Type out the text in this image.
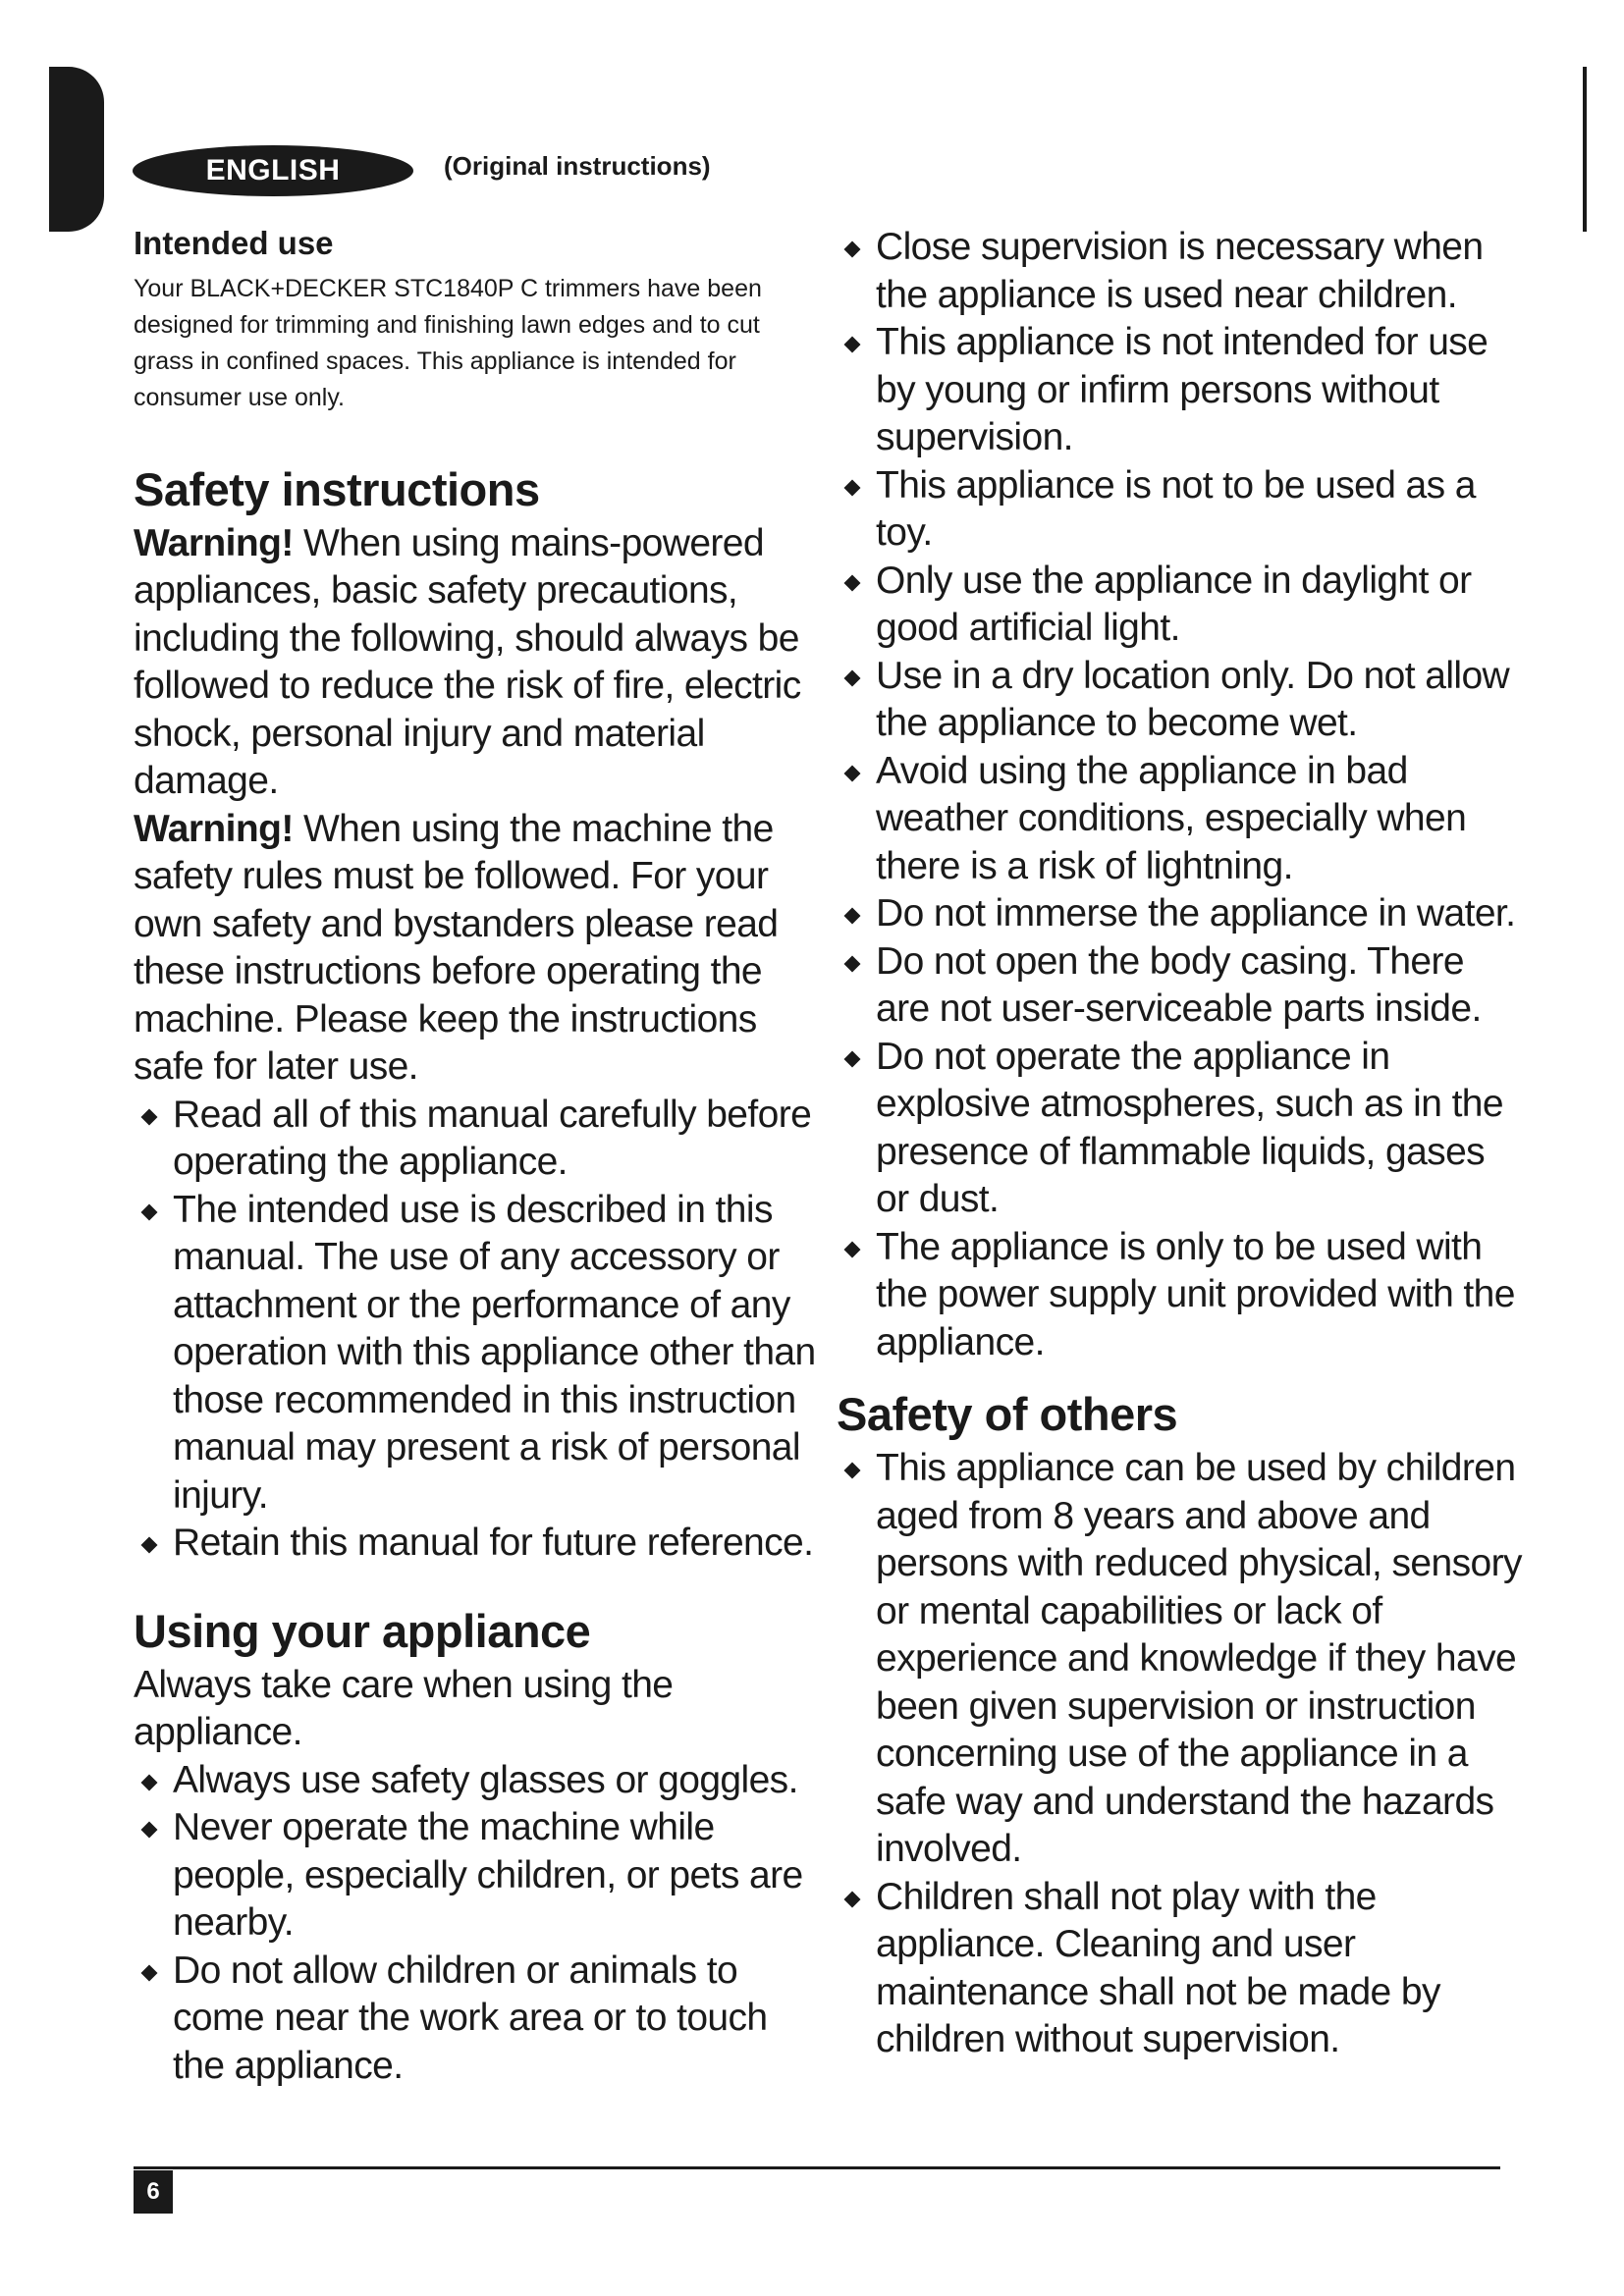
ENGLISH	(Original instructions)
Intended use

Your BLACK+DECKER STC1840P C trimmers have been designed for trimming and finishing lawn edges and to cut grass in confined spaces. This appliance is intended for consumer use only.

Safety instructions

Warning! When using mains-powered appliances, basic safety precautions, including the following, should always be followed to reduce the risk of fire, electric shock, personal injury and material damage.

Warning! When using the machine the safety rules must be followed. For your own safety and bystanders please read these instructions before operating the machine. Please keep the instructions safe for later use.

Read all of this manual carefully before operating the appliance.
The intended use is described in this manual. The use of any accessory or attachment or the performance of any operation with this appliance other than those recommended in this instruction manual may present a risk of personal injury.
Retain this manual for future reference.
Using your appliance

Always take care when using the appliance.

Always use safety glasses or goggles.
Never operate the machine while people, especially children, or pets are nearby.
Do not allow children or animals to come near the work area or to touch the appliance.
Close supervision is necessary when the appliance is used near children.
This appliance is not intended for use by young or infirm persons without supervision.
This appliance is not to be used as a toy.
Only use the appliance in daylight or good artificial light.
Use in a dry location only. Do not allow the appliance to become wet.
Avoid using the appliance in bad weather conditions, especially when there is a risk of lightning.
Do not immerse the appliance in water.
Do not open the body casing. There are not user-serviceable parts inside.
Do not operate the appliance in explosive atmospheres, such as in the presence of flammable liquids, gases or dust.
The appliance is only to be used with the power supply unit provided with the appliance.
Safety of others
This appliance can be used by children aged from 8 years and above and persons with reduced physical, sensory or mental capabilities or lack of experience and knowledge if they have been given supervision or instruction concerning use of the appliance in a safe way and understand the hazards involved.
Children shall not play with the appliance. Cleaning and user maintenance shall not be made by children without supervision.
6
